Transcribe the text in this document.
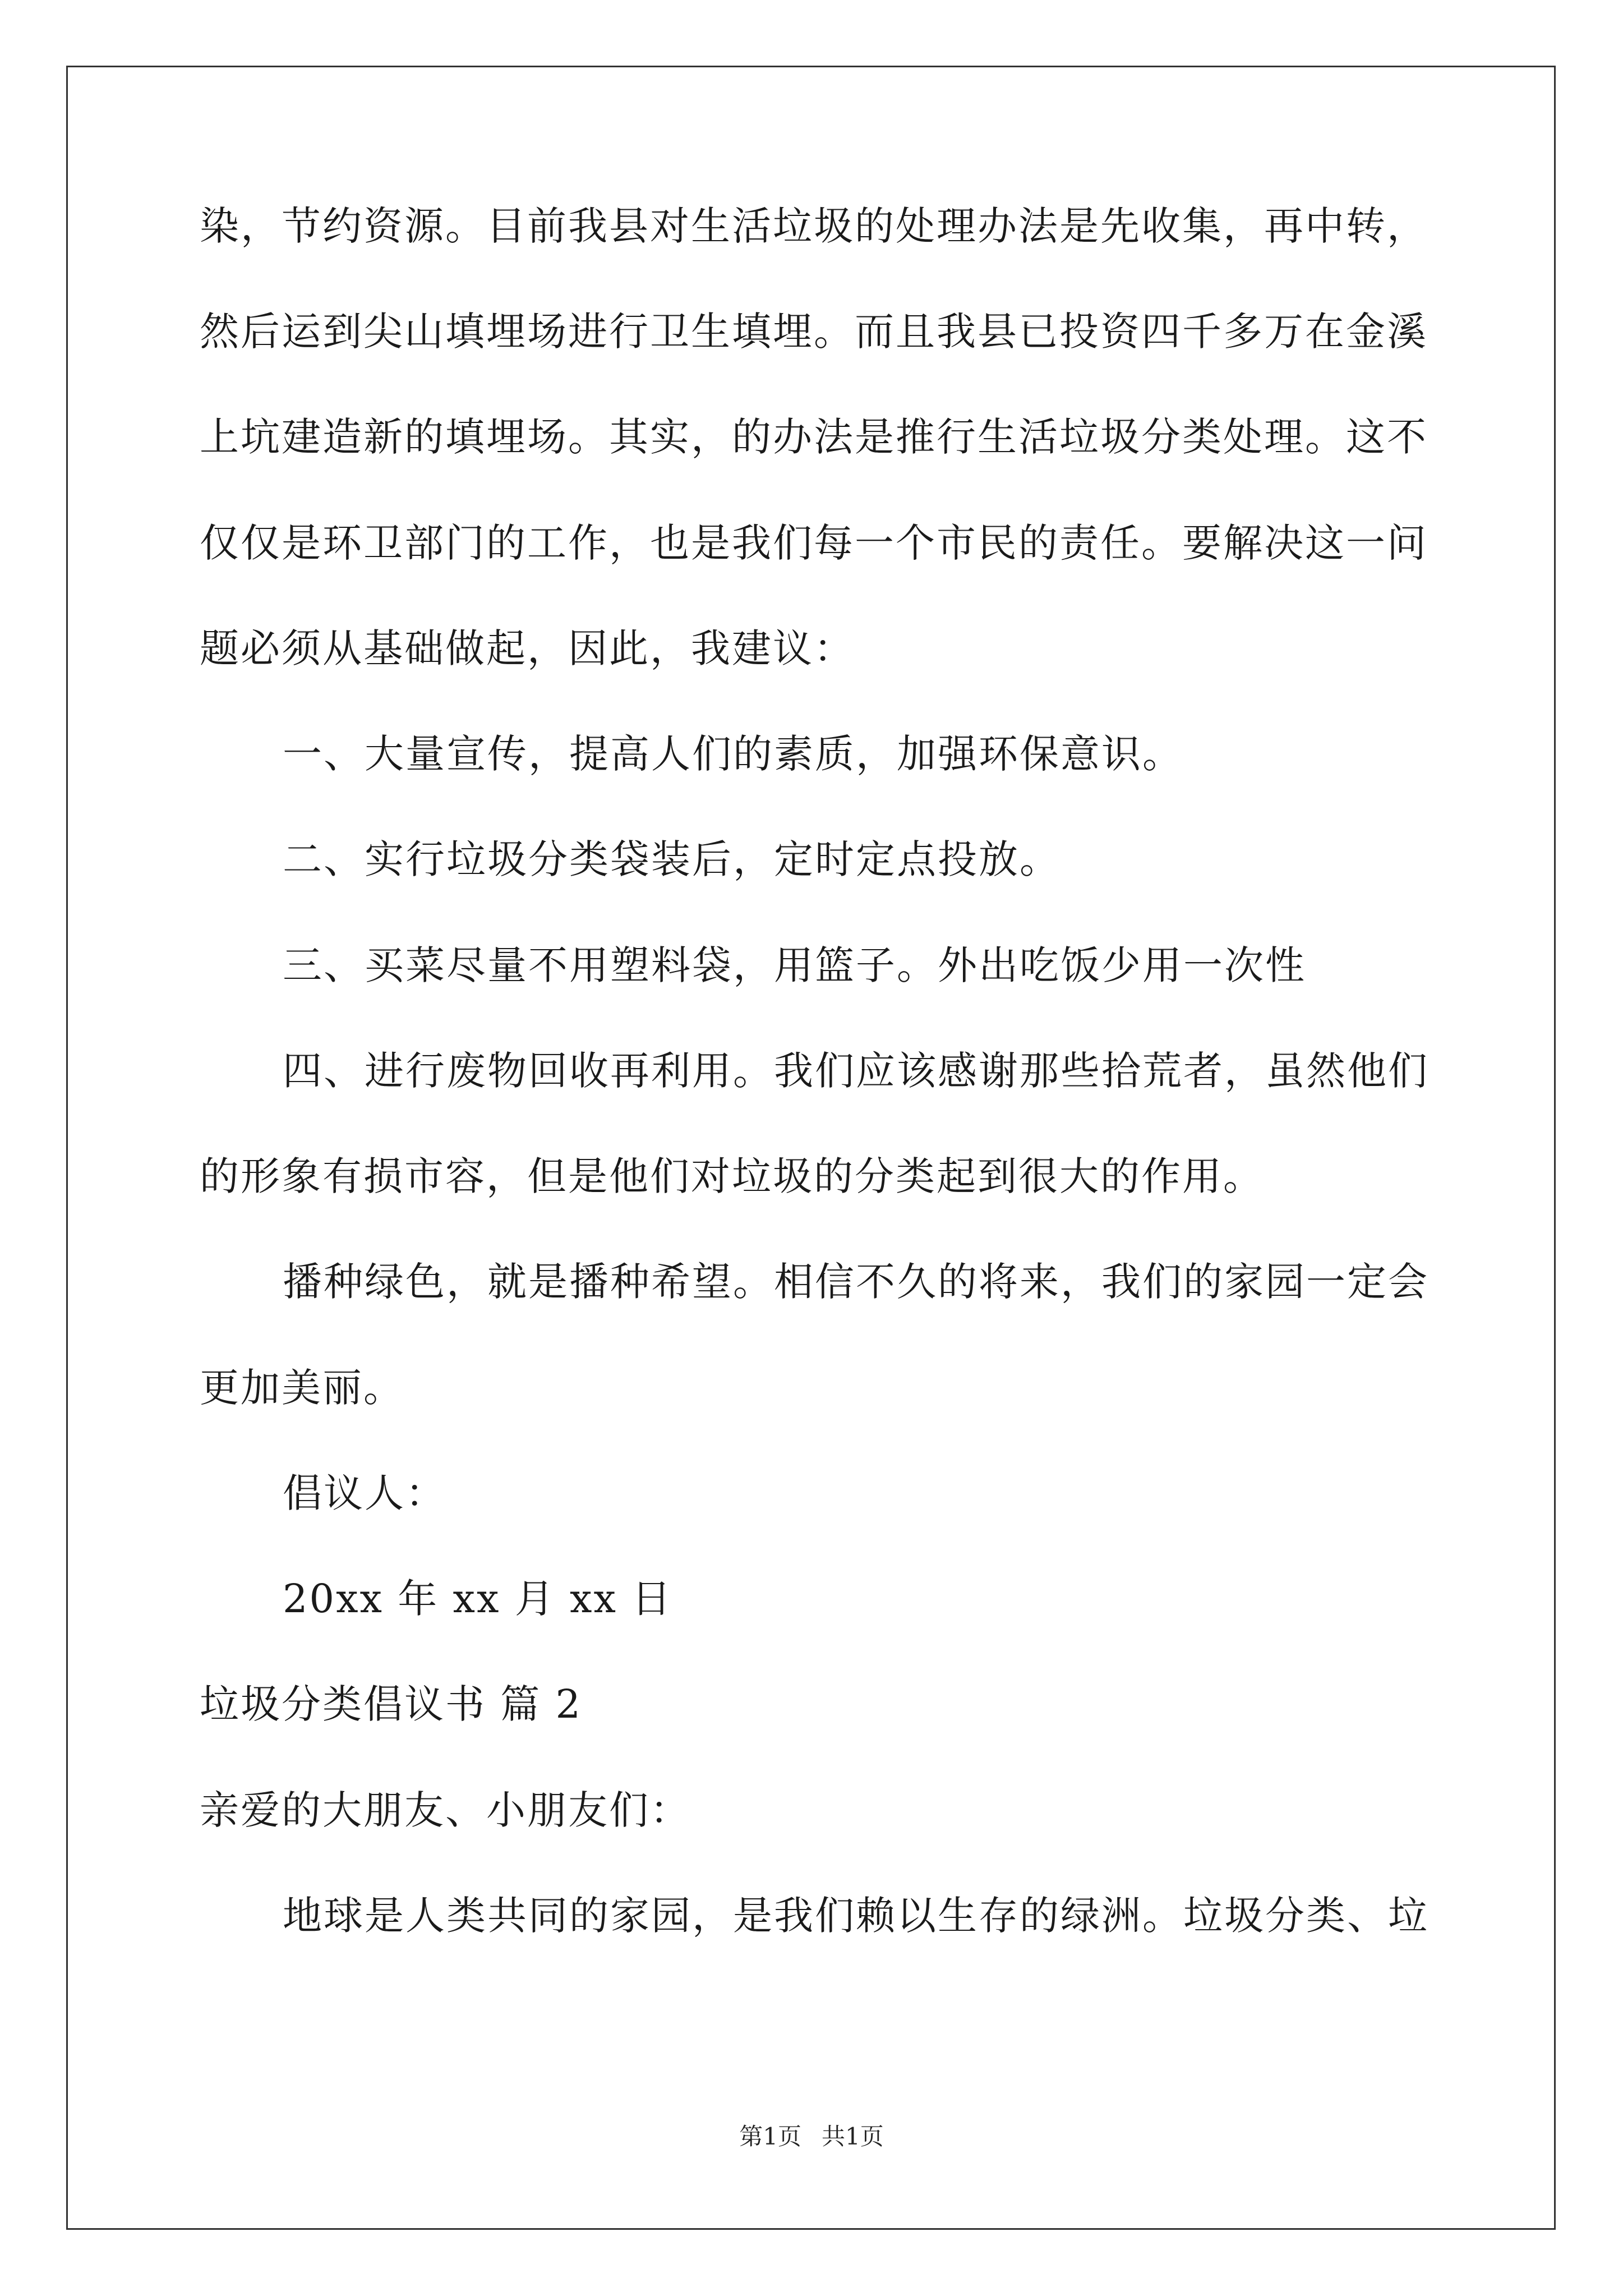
染，节约资源。目前我县对生活垃圾的处理办法是先收集，再中转，
然后运到尖山填埋场进行卫生填埋。而且我县已投资四千多万在金溪
上坑建造新的填埋场。其实，的办法是推行生活垃圾分类处理。这不
仅仅是环卫部门的工作，也是我们每一个市民的责任。要解决这一问
题必须从基础做起，因此，我建议：
一、大量宣传，提高人们的素质，加强环保意识。
二、实行垃圾分类袋装后，定时定点投放。
三、买菜尽量不用塑料袋，用篮子。外出吃饭少用一次性
四、进行废物回收再利用。我们应该感谢那些拾荒者，虽然他们
的形象有损市容，但是他们对垃圾的分类起到很大的作用。
播种绿色，就是播种希望。相信不久的将来，我们的家园一定会
更加美丽。
倡议人：
20xx 年 xx 月 xx 日
垃圾分类倡议书 篇 2
亲爱的大朋友、小朋友们：
地球是人类共同的家园，是我们赖以生存的绿洲。垃圾分类、垃
第1页 共1页
